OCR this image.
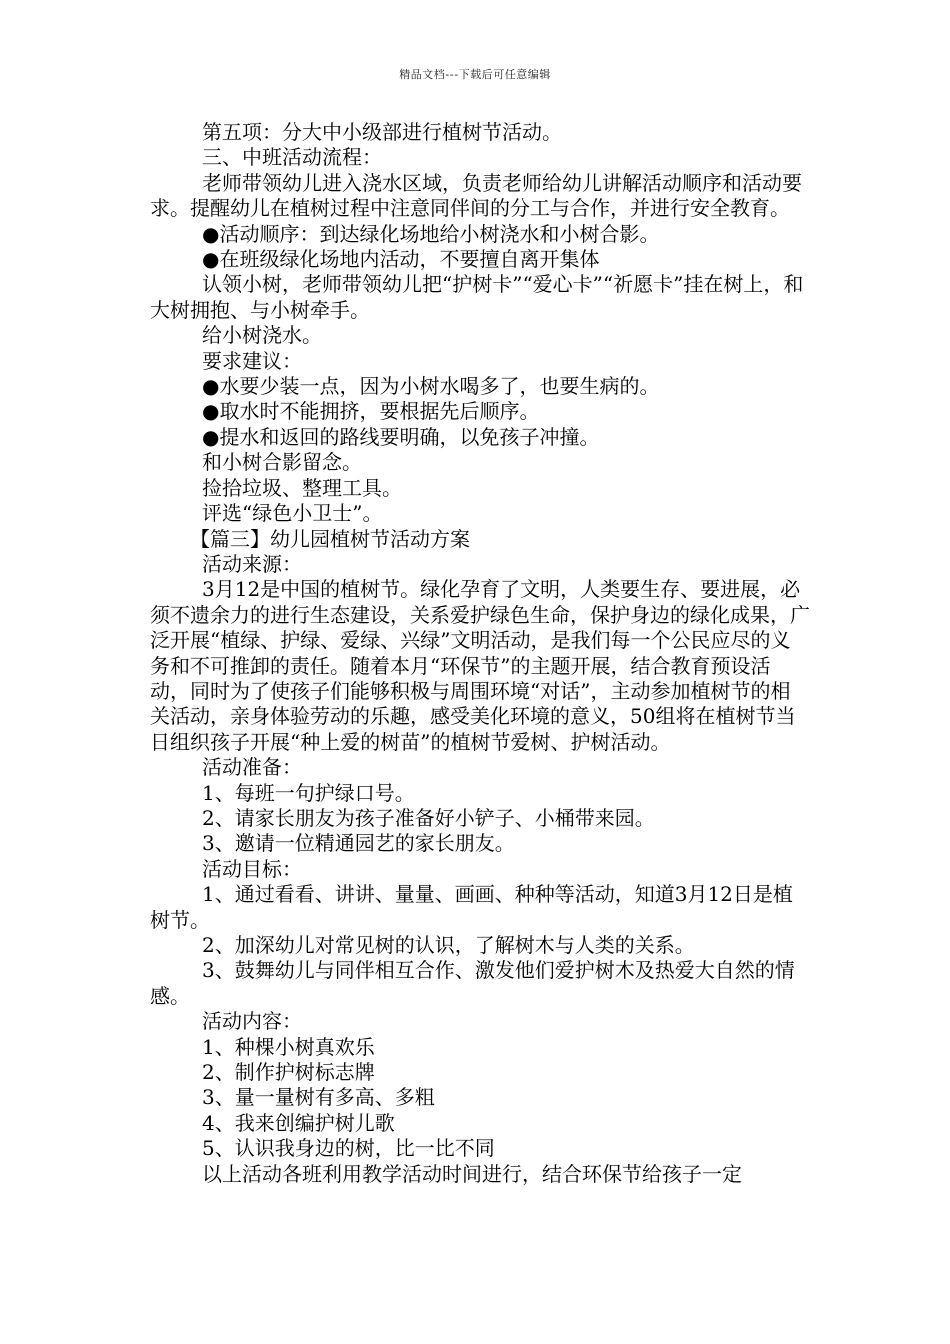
精品文档---下载后可任意编辑

第五项：分大中小级部进行植树节活动。

三、中班活动流程：

老师带领幼儿进入浇水区域，负责老师给幼儿讲解活动顺序和活动要求。提醒幼儿在植树过程中注意同伴间的分工与合作，并进行安全教育。

●活动顺序：到达绿化场地给小树浇水和小树合影。

●在班级绿化场地内活动，不要擅自离开集体

认领小树，老师带领幼儿把“护树卡”“爱心卡”“祈愿卡”挂在树上，和大树拥抱、与小树牵手。

给小树浇水。

要求建议：

●水要少装一点，因为小树水喝多了，也要生病的。

●取水时不能拥挤，要根据先后顺序。

●提水和返回的路线要明确，以免孩子冲撞。

和小树合影留念。

捡拾垃圾、整理工具。

评选“绿色小卫士”。

【篇三】幼儿园植树节活动方案

活动来源：

3月12是中国的植树节。绿化孕育了文明，人类要生存、要进展，必须不遗余力的进行生态建设，关系爱护绿色生命，保护身边的绿化成果，广泛开展“植绿、护绿、爱绿、兴绿”文明活动，是我们每一个公民应尽的义务和不可推卸的责任。随着本月“环保节”的主题开展，结合教育预设活动，同时为了使孩子们能够积极与周围环境“对话”，主动参加植树节的相关活动，亲身体验劳动的乐趣，感受美化环境的意义，50组将在植树节当日组织孩子开展“种上爱的树苗”的植树节爱树、护树活动。

活动准备：

1、每班一句护绿口号。

2、请家长朋友为孩子准备好小铲子、小桶带来园。

3、邀请一位精通园艺的家长朋友。

活动目标：

1、通过看看、讲讲、量量、画画、种种等活动，知道3月12日是植树节。

2、加深幼儿对常见树的认识，了解树木与人类的关系。

3、鼓舞幼儿与同伴相互合作、激发他们爱护树木及热爱大自然的情感。

活动内容：

1、种棵小树真欢乐

2、制作护树标志牌

3、量一量树有多高、多粗

4、我来创编护树儿歌

5、认识我身边的树，比一比不同

以上活动各班利用教学活动时间进行，结合环保节给孩子一定
